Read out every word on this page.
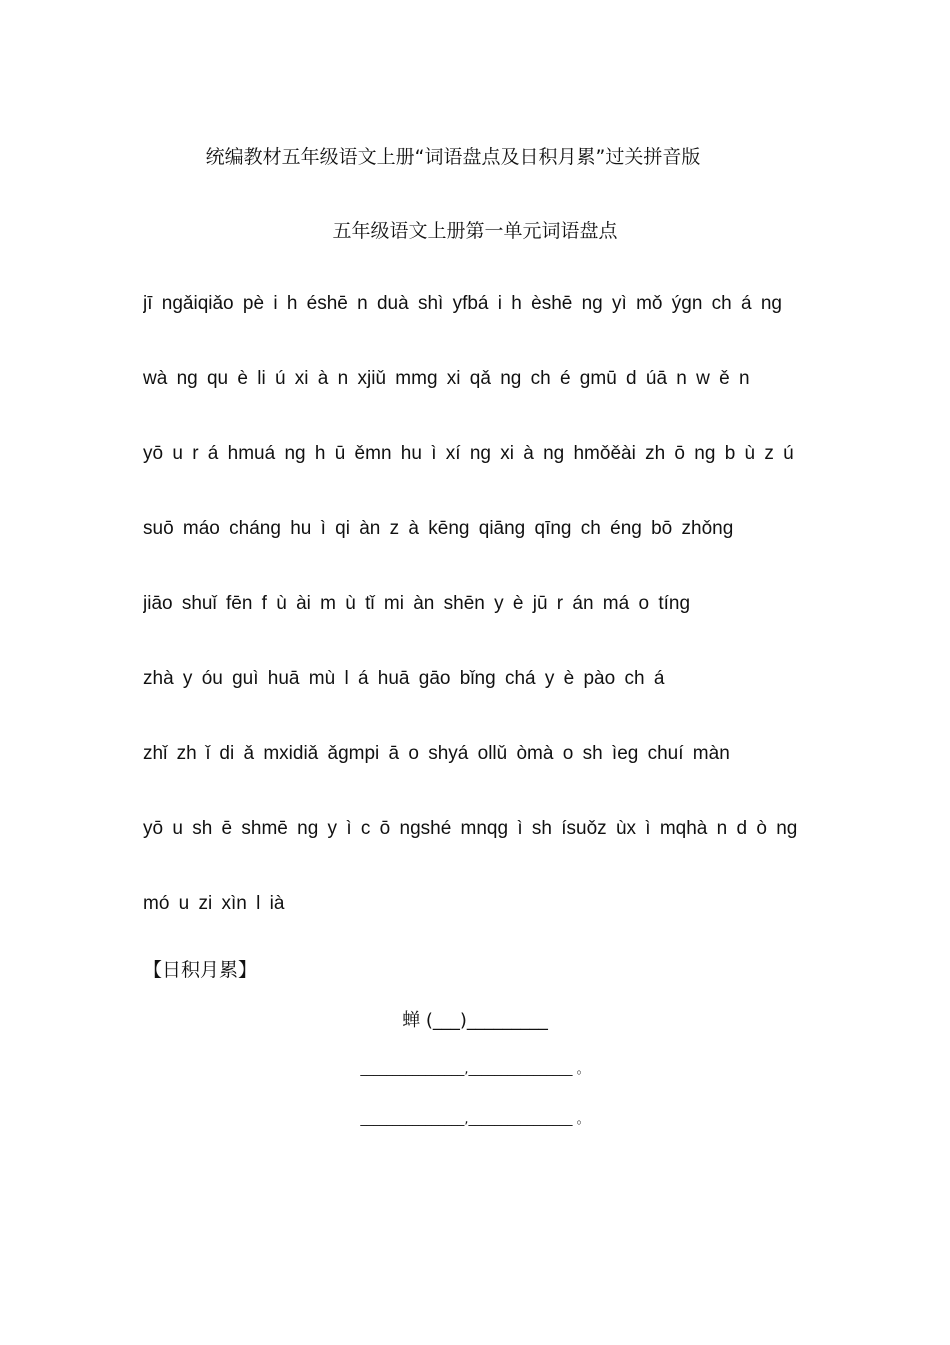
统编教材五年级语文上册“词语盘点及日积月累”过关拼音版
五年级语文上册第一单元词语盘点
jī ngǎiqiǎo pè i h éshē n duà shì yfbá i h èshē ng yì mǒ ýgn ch á ng
wà ng qu è li ú xi à n xjiǔ mmg xi qǎ ng ch é gmū d úā n w ě n
yō u r á hmuá ng h ū ěmn hu ì xí ng xi à ng hmǒěài zh ō ng b ù z ú
suō máo cháng hu ì qi àn z à kēng qiāng qīng ch éng bō zhǒng
jiāo shuǐ fēn f ù ài m ù tǐ mi àn shēn y è jū r án má o tíng
zhà y óu guì huā mù l á huā gāo bǐng chá y è pào ch á
zhǐ zh ǐ di ǎ mxidiǎ ǎgmpi ā o shyá ollǔ òmà o sh ìeg chuí màn
yō u sh ē shmē ng y ì c ō ngshé mnqg ì sh ísuǒz ùx ì mqhà n d ò ng
mó u zi xìn l ià
【日积月累】
蝉 (___)_________
________________,________________ 。
________________,________________ 。
